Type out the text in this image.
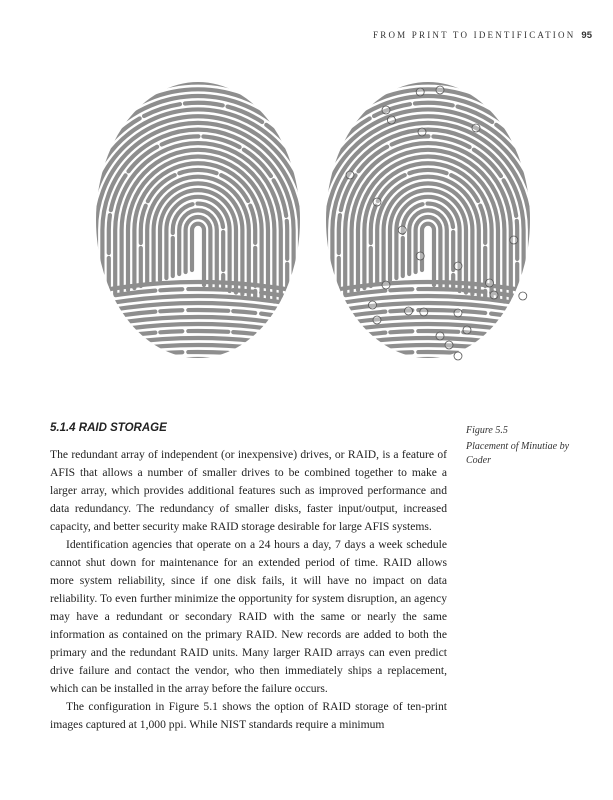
FROM PRINT TO IDENTIFICATION 95
Figure 5.5
Placement of Minutiae by Coder
5.1.4 RAID STORAGE

The redundant array of independent (or inexpensive) drives, or RAID, is a feature of AFIS that allows a number of smaller drives to be combined together to make a larger array, which provides additional features such as improved performance and data redundancy. The redundancy of smaller disks, faster input/output, increased capacity, and better security make RAID storage desirable for large AFIS systems.

Identification agencies that operate on a 24 hours a day, 7 days a week schedule cannot shut down for maintenance for an extended period of time. RAID allows more system reliability, since if one disk fails, it will have no impact on data reliability. To even further minimize the opportunity for system disruption, an agency may have a redundant or secondary RAID with the same or nearly the same information as contained on the primary RAID. New records are added to both the primary and the redundant RAID units. Many larger RAID arrays can even predict drive failure and contact the vendor, who then immediately ships a replacement, which can be installed in the array before the failure occurs.

The configuration in Figure 5.1 shows the option of RAID storage of ten-print images captured at 1,000 ppi. While NIST standards require a minimum
